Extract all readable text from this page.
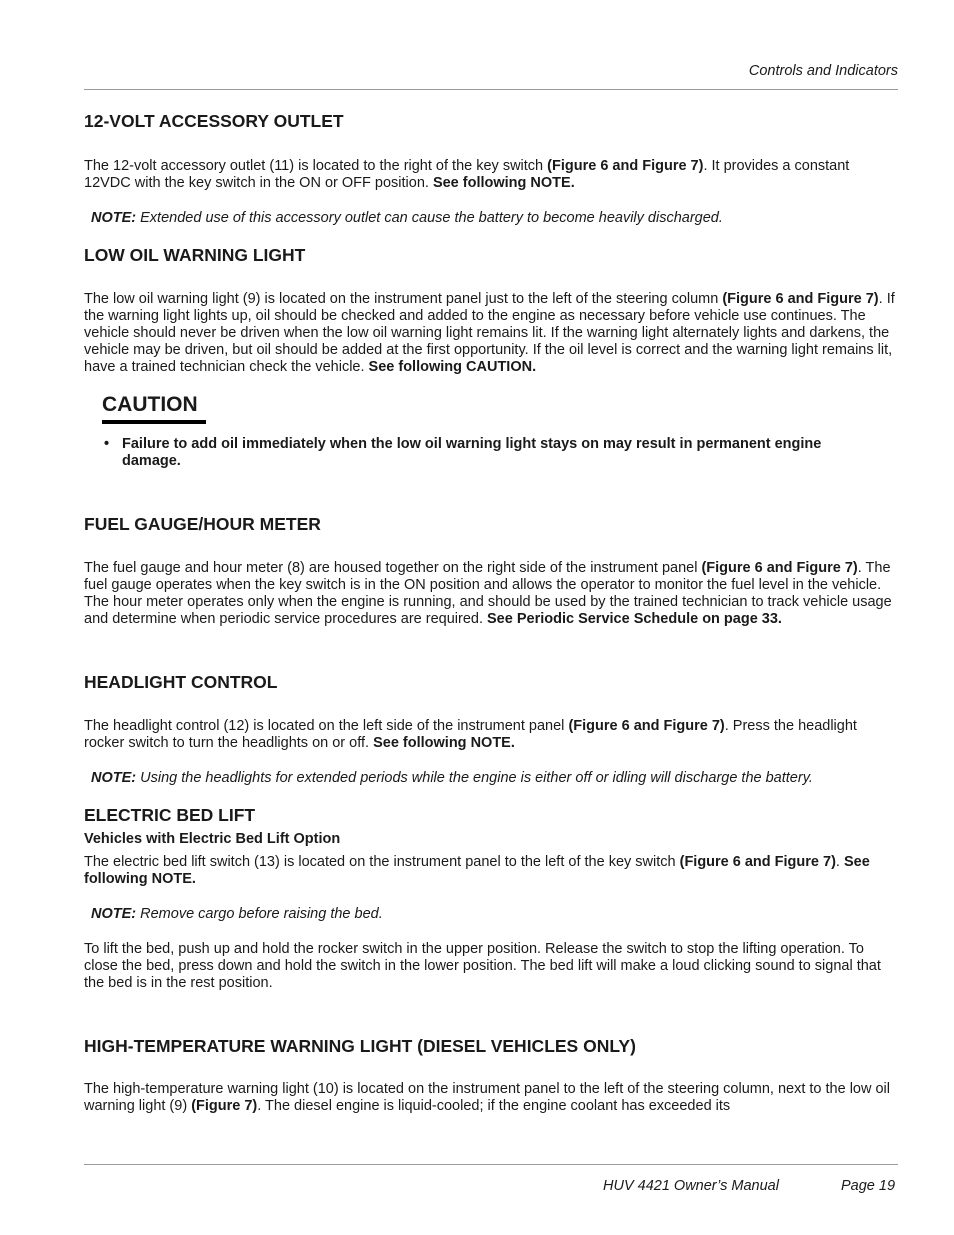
Controls and Indicators
12-VOLT ACCESSORY OUTLET

The 12-volt accessory outlet (11) is located to the right of the key switch (Figure 6 and Figure 7). It provides a constant 12VDC with the key switch in the ON or OFF position. See following NOTE.

NOTE: Extended use of this accessory outlet can cause the battery to become heavily discharged.

LOW OIL WARNING LIGHT

The low oil warning light (9) is located on the instrument panel just to the left of the steering column (Figure 6 and Figure 7). If the warning light lights up, oil should be checked and added to the engine as necessary before vehicle use continues. The vehicle should never be driven when the low oil warning light remains lit. If the warning light alternately lights and darkens, the vehicle may be driven, but oil should be added at the first opportunity. If the oil level is correct and the warning light remains lit, have a trained technician check the vehicle. See following CAUTION.

CAUTION
• Failure to add oil immediately when the low oil warning light stays on may result in permanent engine damage.
FUEL GAUGE/HOUR METER

The fuel gauge and hour meter (8) are housed together on the right side of the instrument panel (Figure 6 and Figure 7). The fuel gauge operates when the key switch is in the ON position and allows the operator to monitor the fuel level in the vehicle. The hour meter operates only when the engine is running, and should be used by the trained technician to track vehicle usage and determine when periodic service procedures are required. See Periodic Service Schedule on page 33.

HEADLIGHT CONTROL

The headlight control (12) is located on the left side of the instrument panel (Figure 6 and Figure 7). Press the headlight rocker switch to turn the headlights on or off. See following NOTE.

NOTE: Using the headlights for extended periods while the engine is either off or idling will discharge the battery.

ELECTRIC BED LIFT

Vehicles with Electric Bed Lift Option

The electric bed lift switch (13) is located on the instrument panel to the left of the key switch (Figure 6 and Figure 7). See following NOTE.

NOTE: Remove cargo before raising the bed.

To lift the bed, push up and hold the rocker switch in the upper position. Release the switch to stop the lifting operation. To close the bed, press down and hold the switch in the lower position. The bed lift will make a loud clicking sound to signal that the bed is in the rest position.

HIGH-TEMPERATURE WARNING LIGHT (DIESEL VEHICLES ONLY)

The high-temperature warning light (10) is located on the instrument panel to the left of the steering column, next to the low oil warning light (9) (Figure 7). The diesel engine is liquid-cooled; if the engine coolant has exceeded its

HUV 4421 Owner’s Manual	Page 19
